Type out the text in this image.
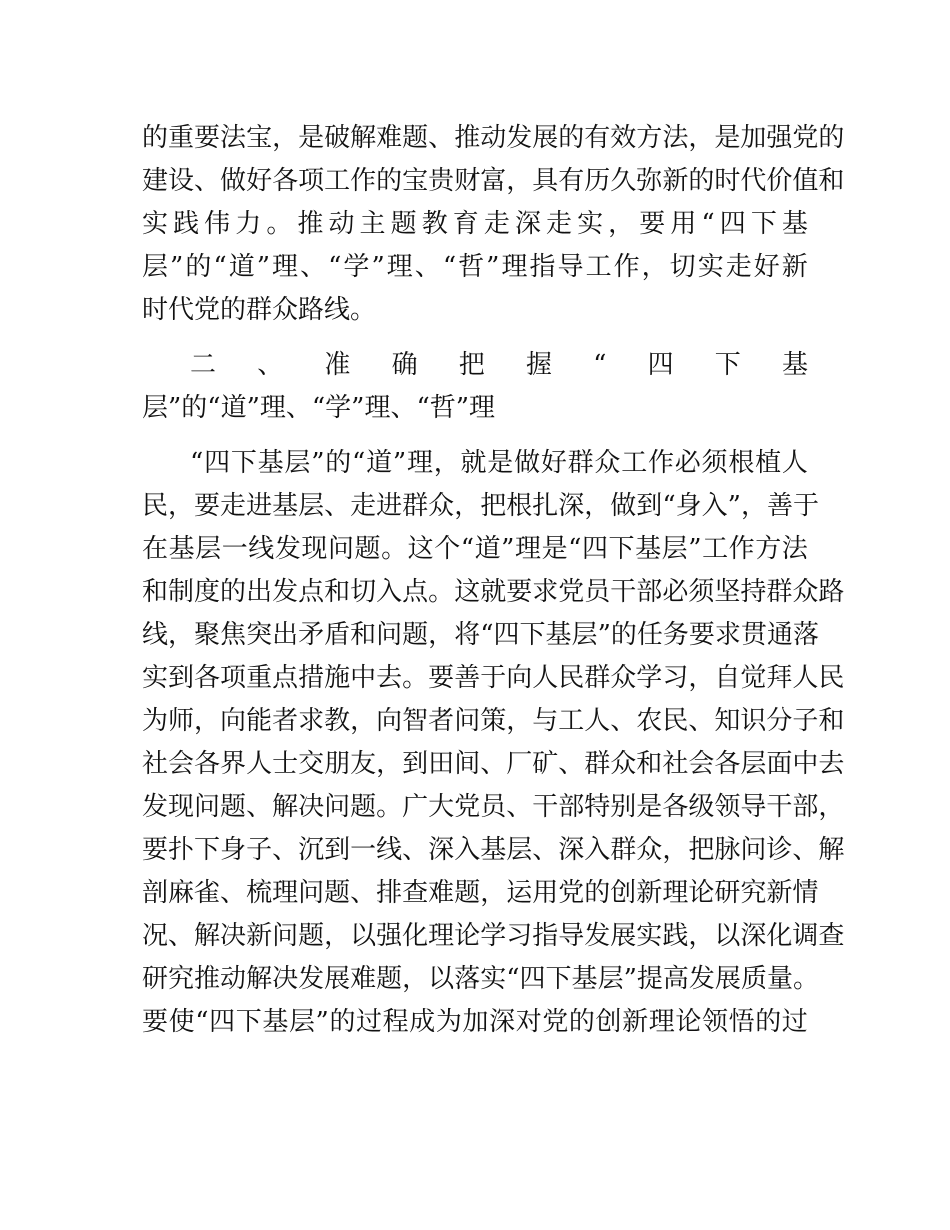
的 重 要 法 宝 ， 是 破 解 难 题 、 推 动 发 展 的 有 效 方 法 ， 是 加 强 党 的
建 设 、 做 好 各 项 工 作 的 宝 贵 财 富 ， 具 有 历 久 弥 新 的 时 代 价 值 和
实 践 伟 力 。 推 动 主 题 教 育 走 深 走 实 ， 要 用 “ 四 下 基
层 ” 的 “ 道 ” 理 、 “ 学 ” 理 、 “ 哲 ” 理 指 导 工 作 ， 切 实 走 好 新
时代党的群众路线。
二 、 准 确 把 握 “ 四 下 基
层”的“道”理、“学”理、“哲”理
“ 四 下 基 层 ” 的 “ 道 ” 理 ， 就 是 做 好 群 众 工 作 必 须 根 植 人
民 ， 要 走 进 基 层 、 走 进 群 众 ， 把 根 扎 深 ， 做 到 “ 身 入 ” ， 善 于
在 基 层 一 线 发 现 问 题 。 这 个 “ 道 ” 理 是 “ 四 下 基 层 ” 工 作 方 法
和 制 度 的 出 发 点 和 切 入 点 。 这 就 要 求 党 员 干 部 必 须 坚 持 群 众 路
线 ， 聚 焦 突 出 矛 盾 和 问 题 ， 将 “ 四 下 基 层 ” 的 任 务 要 求 贯 通 落
实 到 各 项 重 点 措 施 中 去 。 要 善 于 向 人 民 群 众 学 习 ， 自 觉 拜 人 民
为 师 ， 向 能 者 求 教 ， 向 智 者 问 策 ， 与 工 人 、 农 民 、 知 识 分 子 和
社 会 各 界 人 士 交 朋 友 ， 到 田 间 、 厂 矿 、 群 众 和 社 会 各 层 面 中 去
发 现 问 题 、 解 决 问 题 。 广 大 党 员 、 干 部 特 别 是 各 级 领 导 干 部 ，
要 扑 下 身 子 、 沉 到 一 线 、 深 入 基 层 、 深 入 群 众 ， 把 脉 问 诊 、 解
剖 麻 雀 、 梳 理 问 题 、 排 查 难 题 ， 运 用 党 的 创 新 理 论 研 究 新 情
况 、 解 决 新 问 题 ， 以 强 化 理 论 学 习 指 导 发 展 实 践 ， 以 深 化 调 查
研 究 推 动 解 决 发 展 难 题 ， 以 落 实 “ 四 下 基 层 ” 提 高 发 展 质 量 。
要 使 “ 四 下 基 层 ” 的 过 程 成 为 加 深 对 党 的 创 新 理 论 领 悟 的 过
